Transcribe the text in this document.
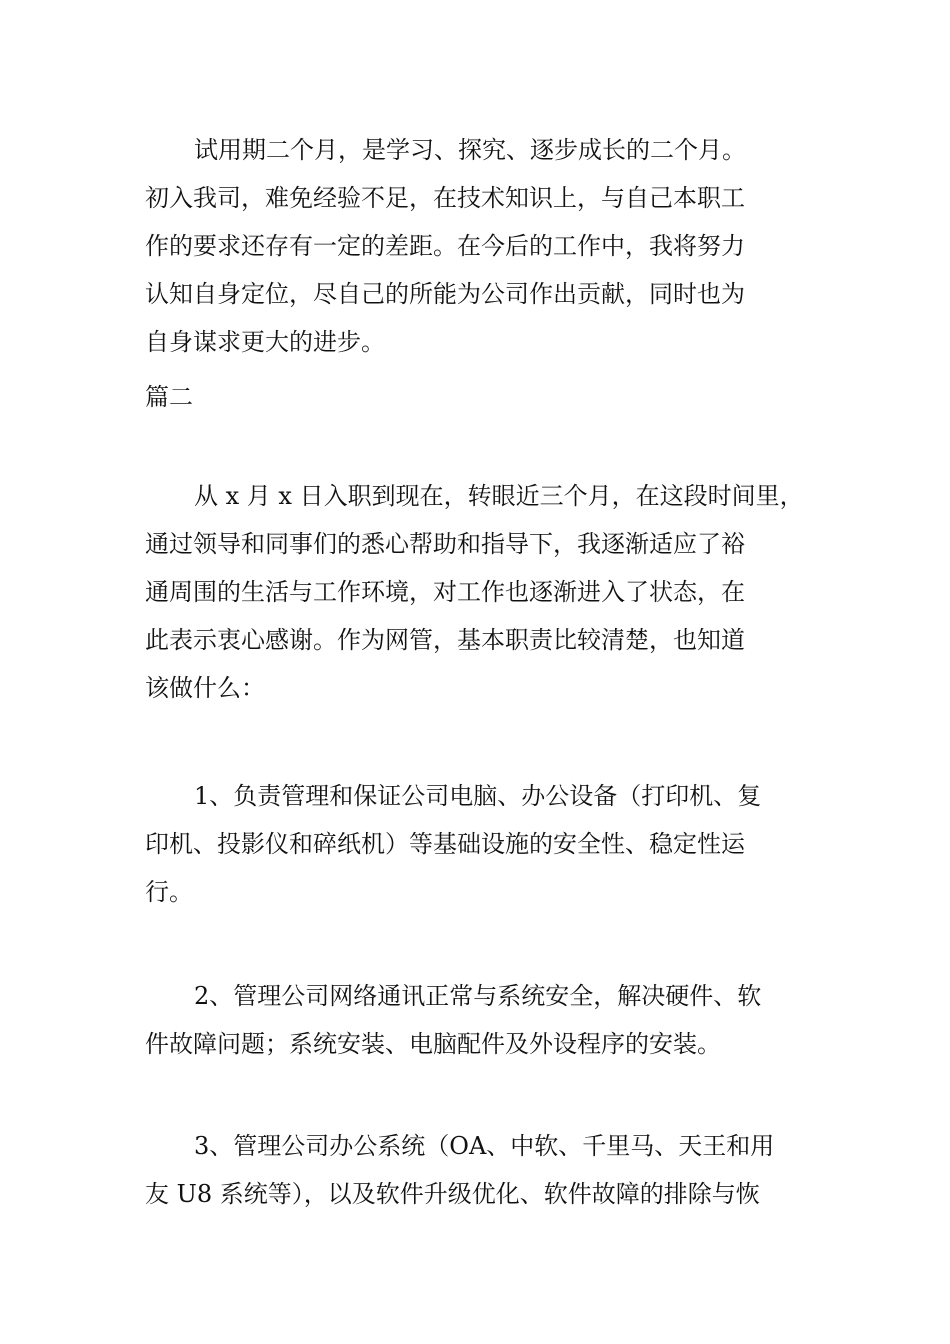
试用期二个月，是学习、探究、逐步成长的二个月。

初入我司，难免经验不足，在技术知识上，与自己本职工

作的要求还存有一定的差距。在今后的工作中，我将努力

认知自身定位，尽自己的所能为公司作出贡献，同时也为

自身谋求更大的进步。

篇二

从 x 月 x 日入职到现在，转眼近三个月，在这段时间里，

通过领导和同事们的悉心帮助和指导下，我逐渐适应了裕

通周围的生活与工作环境，对工作也逐渐进入了状态，在

此表示衷心感谢。作为网管，基本职责比较清楚，也知道

该做什么：

1、负责管理和保证公司电脑、办公设备（打印机、复

印机、投影仪和碎纸机）等基础设施的安全性、稳定性运

行。

2、管理公司网络通讯正常与系统安全，解决硬件、软

件故障问题；系统安装、电脑配件及外设程序的安装。

3、管理公司办公系统（OA、中软、千里马、天王和用

友 U8 系统等），以及软件升级优化、软件故障的排除与恢
